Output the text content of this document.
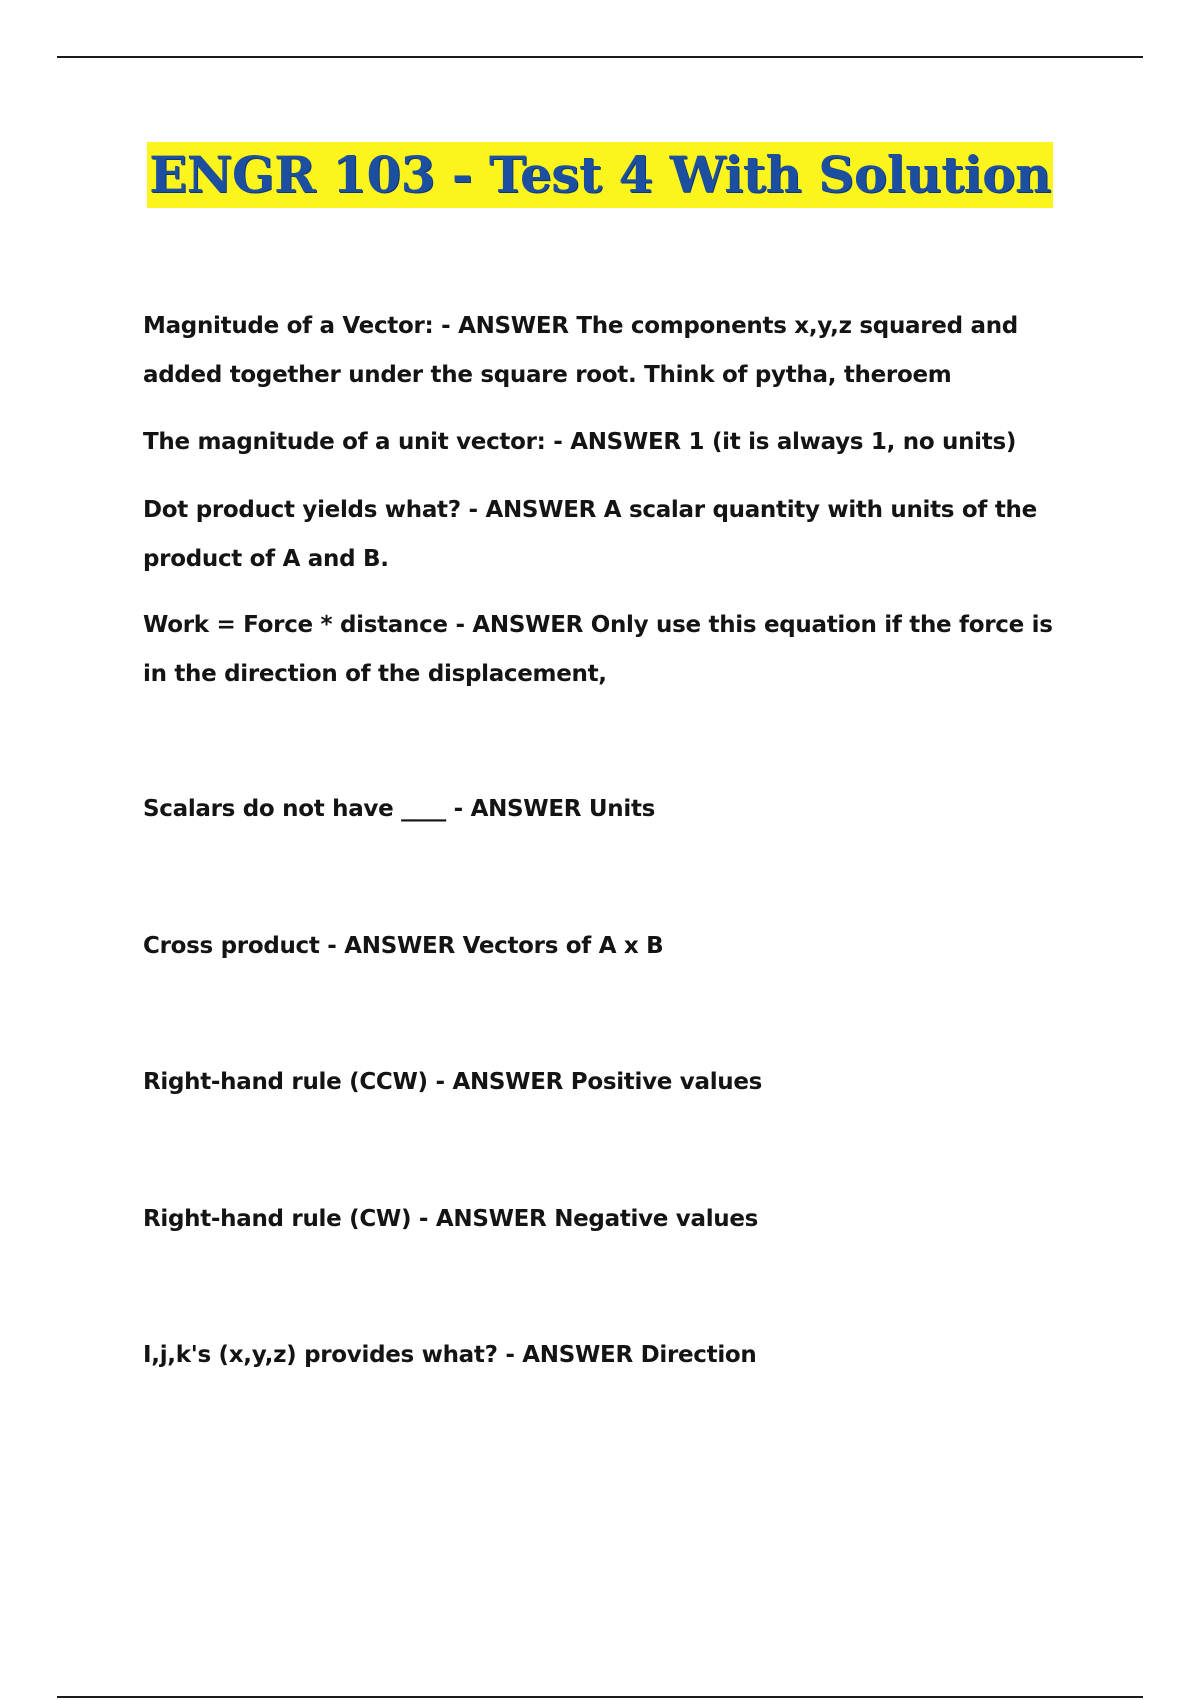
ENGR 103 - Test 4 With Solution

Magnitude of a Vector: - ANSWER The components x,y,z squared and added together under the square root. Think of pytha, theroem

The magnitude of a unit vector: - ANSWER 1 (it is always 1, no units)

Dot product yields what? - ANSWER A scalar quantity with units of the product of A and B.

Work = Force * distance - ANSWER Only use this equation if the force is in the direction of the displacement,

Scalars do not have ____ - ANSWER Units

Cross product - ANSWER Vectors of A x B

Right-hand rule (CCW) - ANSWER Positive values

Right-hand rule (CW) - ANSWER Negative values

I,j,k's (x,y,z) provides what? - ANSWER Direction
